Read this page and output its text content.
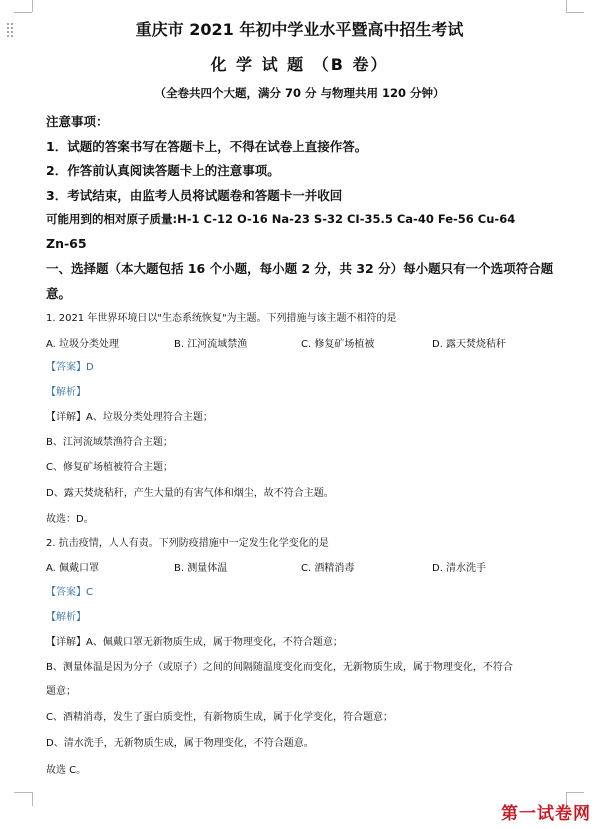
重庆市 2021 年初中学业水平暨高中招生考试
化 学 试 题 （B 卷）
（全卷共四个大题，满分 70 分 与物理共用 120 分钟）
注意事项：
1．试题的答案书写在答题卡上，不得在试卷上直接作答。
2．作答前认真阅读答题卡上的注意事项。
3．考试结束，由监考人员将试题卷和答题卡一并收回
可能用到的相对原子质量:H-1 C-12 O-16 Na-23 S-32 CI-35.5 Ca-40 Fe-56 Cu-64
Zn-65
一、选择题（本大题包括 16 个小题，每小题 2 分，共 32 分）每小题只有一个选项符合题
意。
1. 2021 年世界环境日以"生态系统恢复"为主题。下列措施与该主题不相符的是
A. 垃圾分类处理	B. 江河流域禁渔	C. 修复矿场植被	D. 露天焚烧秸秆
【答案】D
【解析】
【详解】A、垃圾分类处理符合主题；
B、江河流域禁渔符合主题；
C、修复矿场植被符合主题；
D、露天焚烧秸秆，产生大量的有害气体和烟尘，故不符合主题。
故选：D。
2. 抗击疫情，人人有责。下列防疫措施中一定发生化学变化的是
A. 佩戴口罩	B. 测量体温	C. 酒精消毒	D. 清水洗手
【答案】C
【解析】
【详解】A、佩戴口罩无新物质生成，属于物理变化，不符合题意；
B、测量体温是因为分子（或原子）之间的间隔随温度变化而变化，无新物质生成，属于物理变化，不符合
题意；
C、酒精消毒，发生了蛋白质变性，有新物质生成，属于化学变化，符合题意；
D、清水洗手，无新物质生成，属于物理变化，不符合题意。
故选 C。
第一试卷网
